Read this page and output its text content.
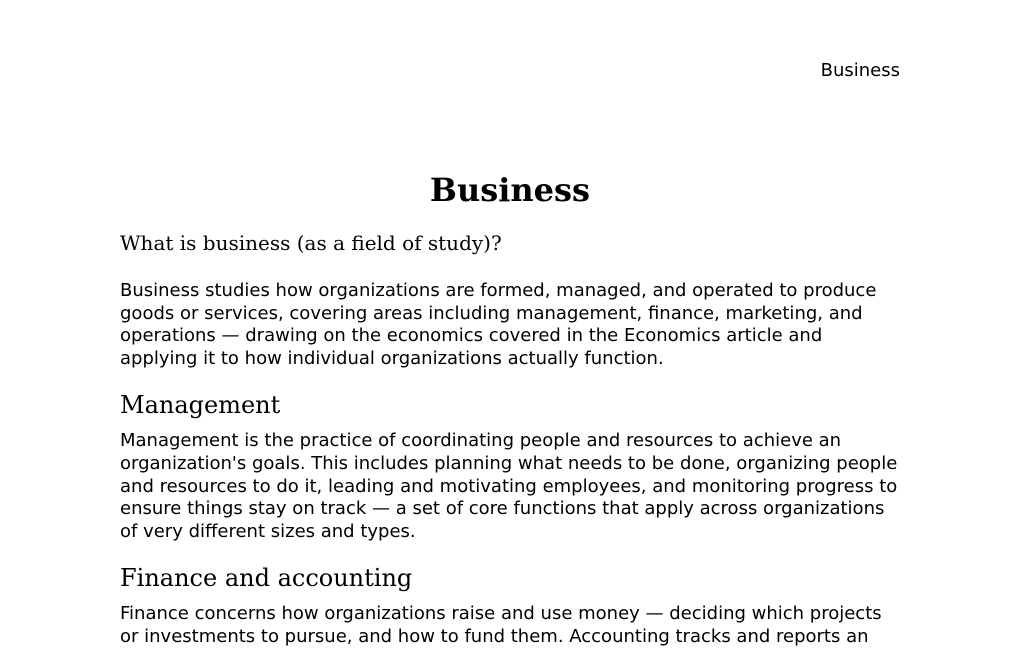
Business
Business
What is business (as a field of study)?

Business studies how organizations are formed, managed, and operated to produce goods or services, covering areas including management, finance, marketing, and operations — drawing on the economics covered in the Economics article and applying it to how individual organizations actually function.

Management

Management is the practice of coordinating people and resources to achieve an organization's goals. This includes planning what needs to be done, organizing people and resources to do it, leading and motivating employees, and monitoring progress to ensure things stay on track — a set of core functions that apply across organizations of very different sizes and types.

Finance and accounting

Finance concerns how organizations raise and use money — deciding which projects or investments to pursue, and how to fund them. Accounting tracks and reports an
